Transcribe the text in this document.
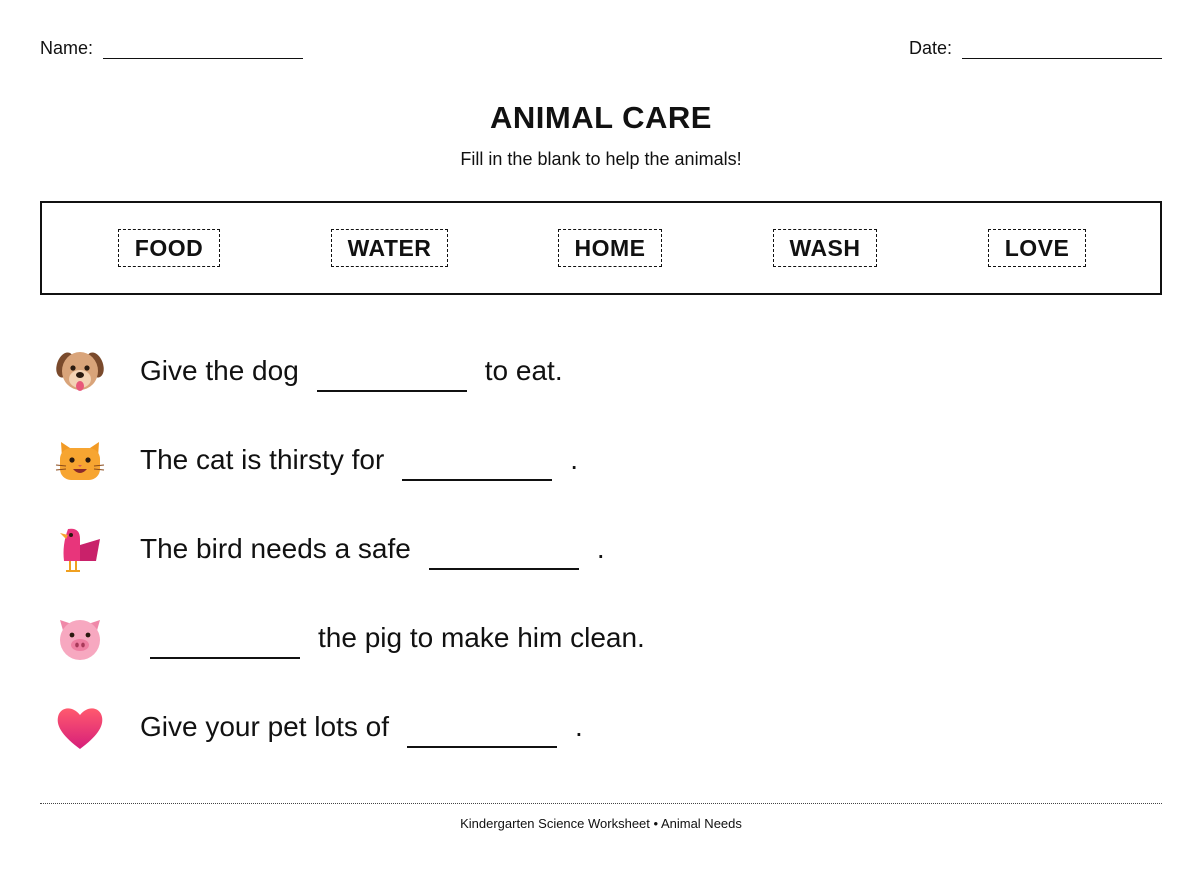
Name:	Date:
ANIMAL CARE
Fill in the blank to help the animals!
FOOD	WATER	HOME	WASH	LOVE
Give the dog	to eat.
The cat is thirsty for	.
The bird needs a safe	.
the pig to make him clean.
Give your pet lots of	.
Kindergarten Science Worksheet • Animal Needs
